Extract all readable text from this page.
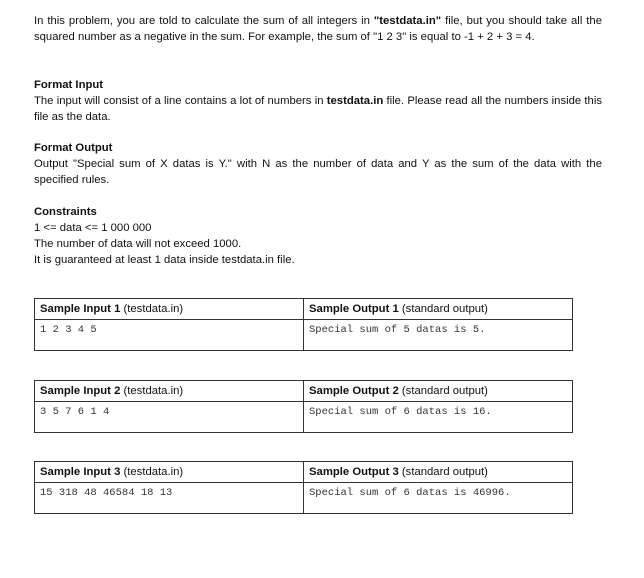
In this problem, you are told to calculate the sum of all integers in "testdata.in" file, but you should take all the squared number as a negative in the sum. For example, the sum of "1 2 3" is equal to -1 + 2 + 3 = 4.
Format Input
The input will consist of a line contains a lot of numbers in testdata.in file. Please read all the numbers inside this file as the data.
Format Output
Output "Special sum of X datas is Y." with N as the number of data and Y as the sum of the data with the specified rules.
Constraints
1 <= data <= 1 000 000
The number of data will not exceed 1000.
It is guaranteed at least 1 data inside testdata.in file.
Sample Input 1 (testdata.in)
1 2 3 4 5
Sample Output 1 (standard output)
Special sum of 5 datas is 5.
Sample Input 2 (testdata.in)
3 5 7 6 1 4
Sample Output 2 (standard output)
Special sum of 6 datas is 16.
Sample Input 3 (testdata.in)
15 318 48 46584 18 13
Sample Output 3 (standard output)
Special sum of 6 datas is 46996.
